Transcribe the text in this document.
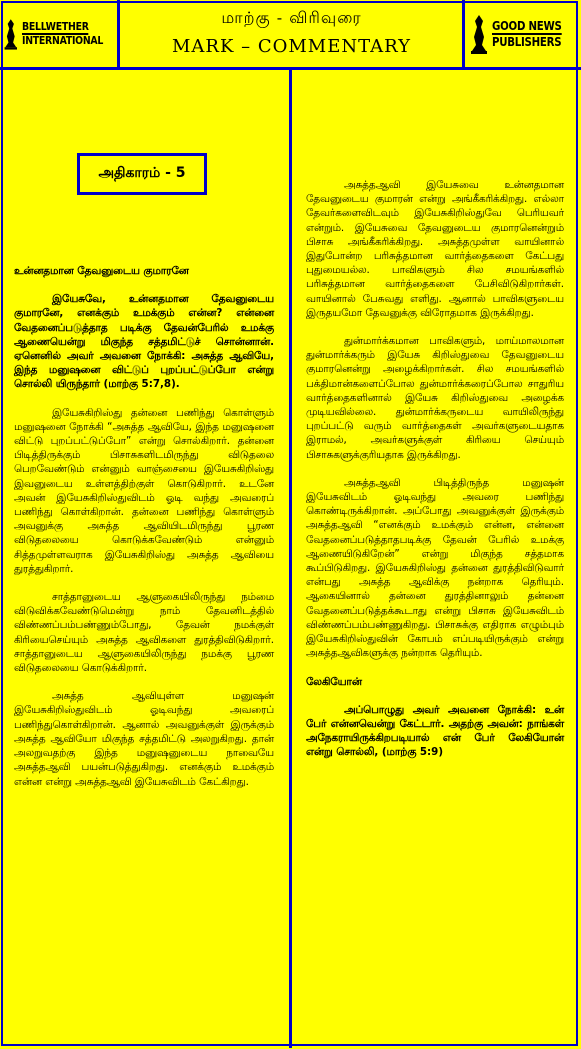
BELLWETHER
INTERNATIONAL
மாற்கு - விரிவுரை
MARK – COMMENTARY
GOOD NEWS
PUBLISHERS
அதிகாரம் - 5

உன்னதமான தேவனுடைய குமாரனே

இயேசுவே, உன்னதமான தேவனுடைய குமாரனே, எனக்கும் உமக்கும் என்ன? என்னை வேதனைப்படுத்தாத படிக்கு தேவன்பேரில் உமக்கு ஆணையென்று மிகுந்த சத்தமிட்டுச் சொன்னான். ஏனெனில் அவர் அவனை நோக்கி: அசுத்த ஆவியே, இந்த மனுஷனை விட்டுப் புறப்பட்டுப்போ என்று சொல்லி யிருந்தார் (மாற்கு 5:7,8).

இயேசுகிறிஸ்து தன்னை பணிந்து கொள்ளும் மனுஷனை நோக்கி “அசுத்த ஆவியே, இந்த மனுஷனை விட்டு புறப்பட்டுப்போ” என்று சொல்கிறார். தன்னை பிடித்திருக்கும் பிசாசுகளிடமிருந்து விடுதலை பெறவேண்டும் என்னும் வாஞ்சையை இயேசுகிறிஸ்து இவனுடைய உள்ளத்திற்குள் கொடுகிறார். உடனே அவன் இயேசுகிறிஸ்துவிடம் ஓடி வந்து அவரைப் பணிந்து கொள்கிறான். தன்னை பணிந்து கொள்ளும் அவனுக்கு அசுத்த ஆவியிடமிருந்து பூரண விடுதலையை கொடுக்கவேண்டும் என்னும் சித்தமுள்ளவராக இயேசுகிறிஸ்து அசுத்த ஆவியை துரத்துகிறார்.

சாத்தானுடைய ஆளுகையிலிருந்து நம்மை விடுவிக்கவேண்டுமென்று நாம் தேவனிடத்தில் விண்ணப்பம்பண்ணும்போது, தேவன் நமக்குள் கிரியைசெய்யும் அசுத்த ஆவிகளை துரத்திவிடுகிறார். சாத்தானுடைய ஆளுகையிலிருந்து நமக்கு பூரண விடுதலையை கொடுக்கிறார்.

அசுத்த ஆவியுள்ள மனுஷன் இயேசுகிறிஸ்துவிடம் ஓடிவந்து அவரைப் பணிந்துகொள்கிறான். ஆனால் அவனுக்குள் இருக்கும் அசுத்த ஆவியோ மிகுந்த சத்தமிட்டு அலறுகிறது. தான் அலறுவதற்கு இந்த மனுஷனுடைய நாவையே அசுத்தஆவி பயன்படுத்துகிறது. எனக்கும் உமக்கும் என்ன என்று அசுத்தஆவி இயேசுவிடம் கேட்கிறது.

அசுத்தஆவி இயேசுவை உன்னதமான தேவனுடைய குமாரன் என்று அங்கீகரிக்கிறது. எல்லா தேவர்களைவிடவும் இயேசுகிறிஸ்துவே பெரியவர் என்றும். இயேசுவை தேவனுடைய குமாரனென்றும் பிசாசு அங்கீகரிக்கிறது. அசுத்தமுள்ள வாயினால் இதுபோன்ற பரிசுத்தமான வார்த்தைகளை கேட்பது புதுமையல்ல. பாவிகளும் சில சமயங்களில் பரிசுத்தமான வார்த்தைகளை பேசிவிடுகிறார்கள். வாயினால் பேசுவது எளிது. ஆனால் பாவிகளுடைய இருதயமோ தேவனுக்கு விரோதமாக இருக்கிறது.

துன்மார்க்கமான பாவிகளும், மாய்மாலமான துன்மார்க்கரும் இயேசு கிறிஸ்துவை தேவனுடைய குமாரனென்று அழைக்கிறார்கள். சில சமயங்களில் பக்திமான்களைப்போல துன்மார்க்கரைப்போல சாதுரிய வார்த்தைகளினால் இயேசு கிறிஸ்துவை அழைக்க முடியவில்லை. துன்மார்க்கருடைய வாயிலிருந்து புறப்பட்டு வரும் வார்த்தைகள் அவர்களுடையதாக இராமல், அவர்களுக்குள் கிரியை செய்யும் பிசாசுகளுக்குரியதாக இருக்கிறது.

அசுத்தஆவி பிடித்திருந்த மனுஷன் இயேசுவிடம் ஓடிவந்து அவரை பணிந்து கொண்டிருக்கிறான். அப்போது அவனுக்குள் இருக்கும் அசுத்தஆவி “எனக்கும் உமக்கும் என்ன, என்னை வேதனைப்படுத்தாதபடிக்கு தேவன் பேரில் உமக்கு ஆணையிடுகிறேன்” என்று மிகுந்த சத்தமாக கூப்பிடுகிறது. இயேசுகிறிஸ்து தன்னை துரத்திவிடுவார் என்பது அசுத்த ஆவிக்கு நன்றாக தெரியும். ஆகையினால் தன்னை துரத்தினாலும் தன்னை வேதனைப்படுத்தக்கூடாது என்று பிசாசு இயேசுவிடம் விண்ணப்பம்பண்ணுகிறது. பிசாசுக்கு எதிராக எழும்பும் இயேசுகிறிஸ்துவின் கோபம் எப்படியிருக்கும் என்று அசுத்தஆவிகளுக்கு நன்றாக தெரியும்.

லேகியோன்

அப்பொழுது அவர் அவனை நோக்கி: உன் பேர் என்னவென்று கேட்டார். அதற்கு அவன்: நாங்கள் அநேகராயிருக்கிறபடியால் என் பேர் லேகியோன் என்று சொல்லி, (மாற்கு 5:9)
